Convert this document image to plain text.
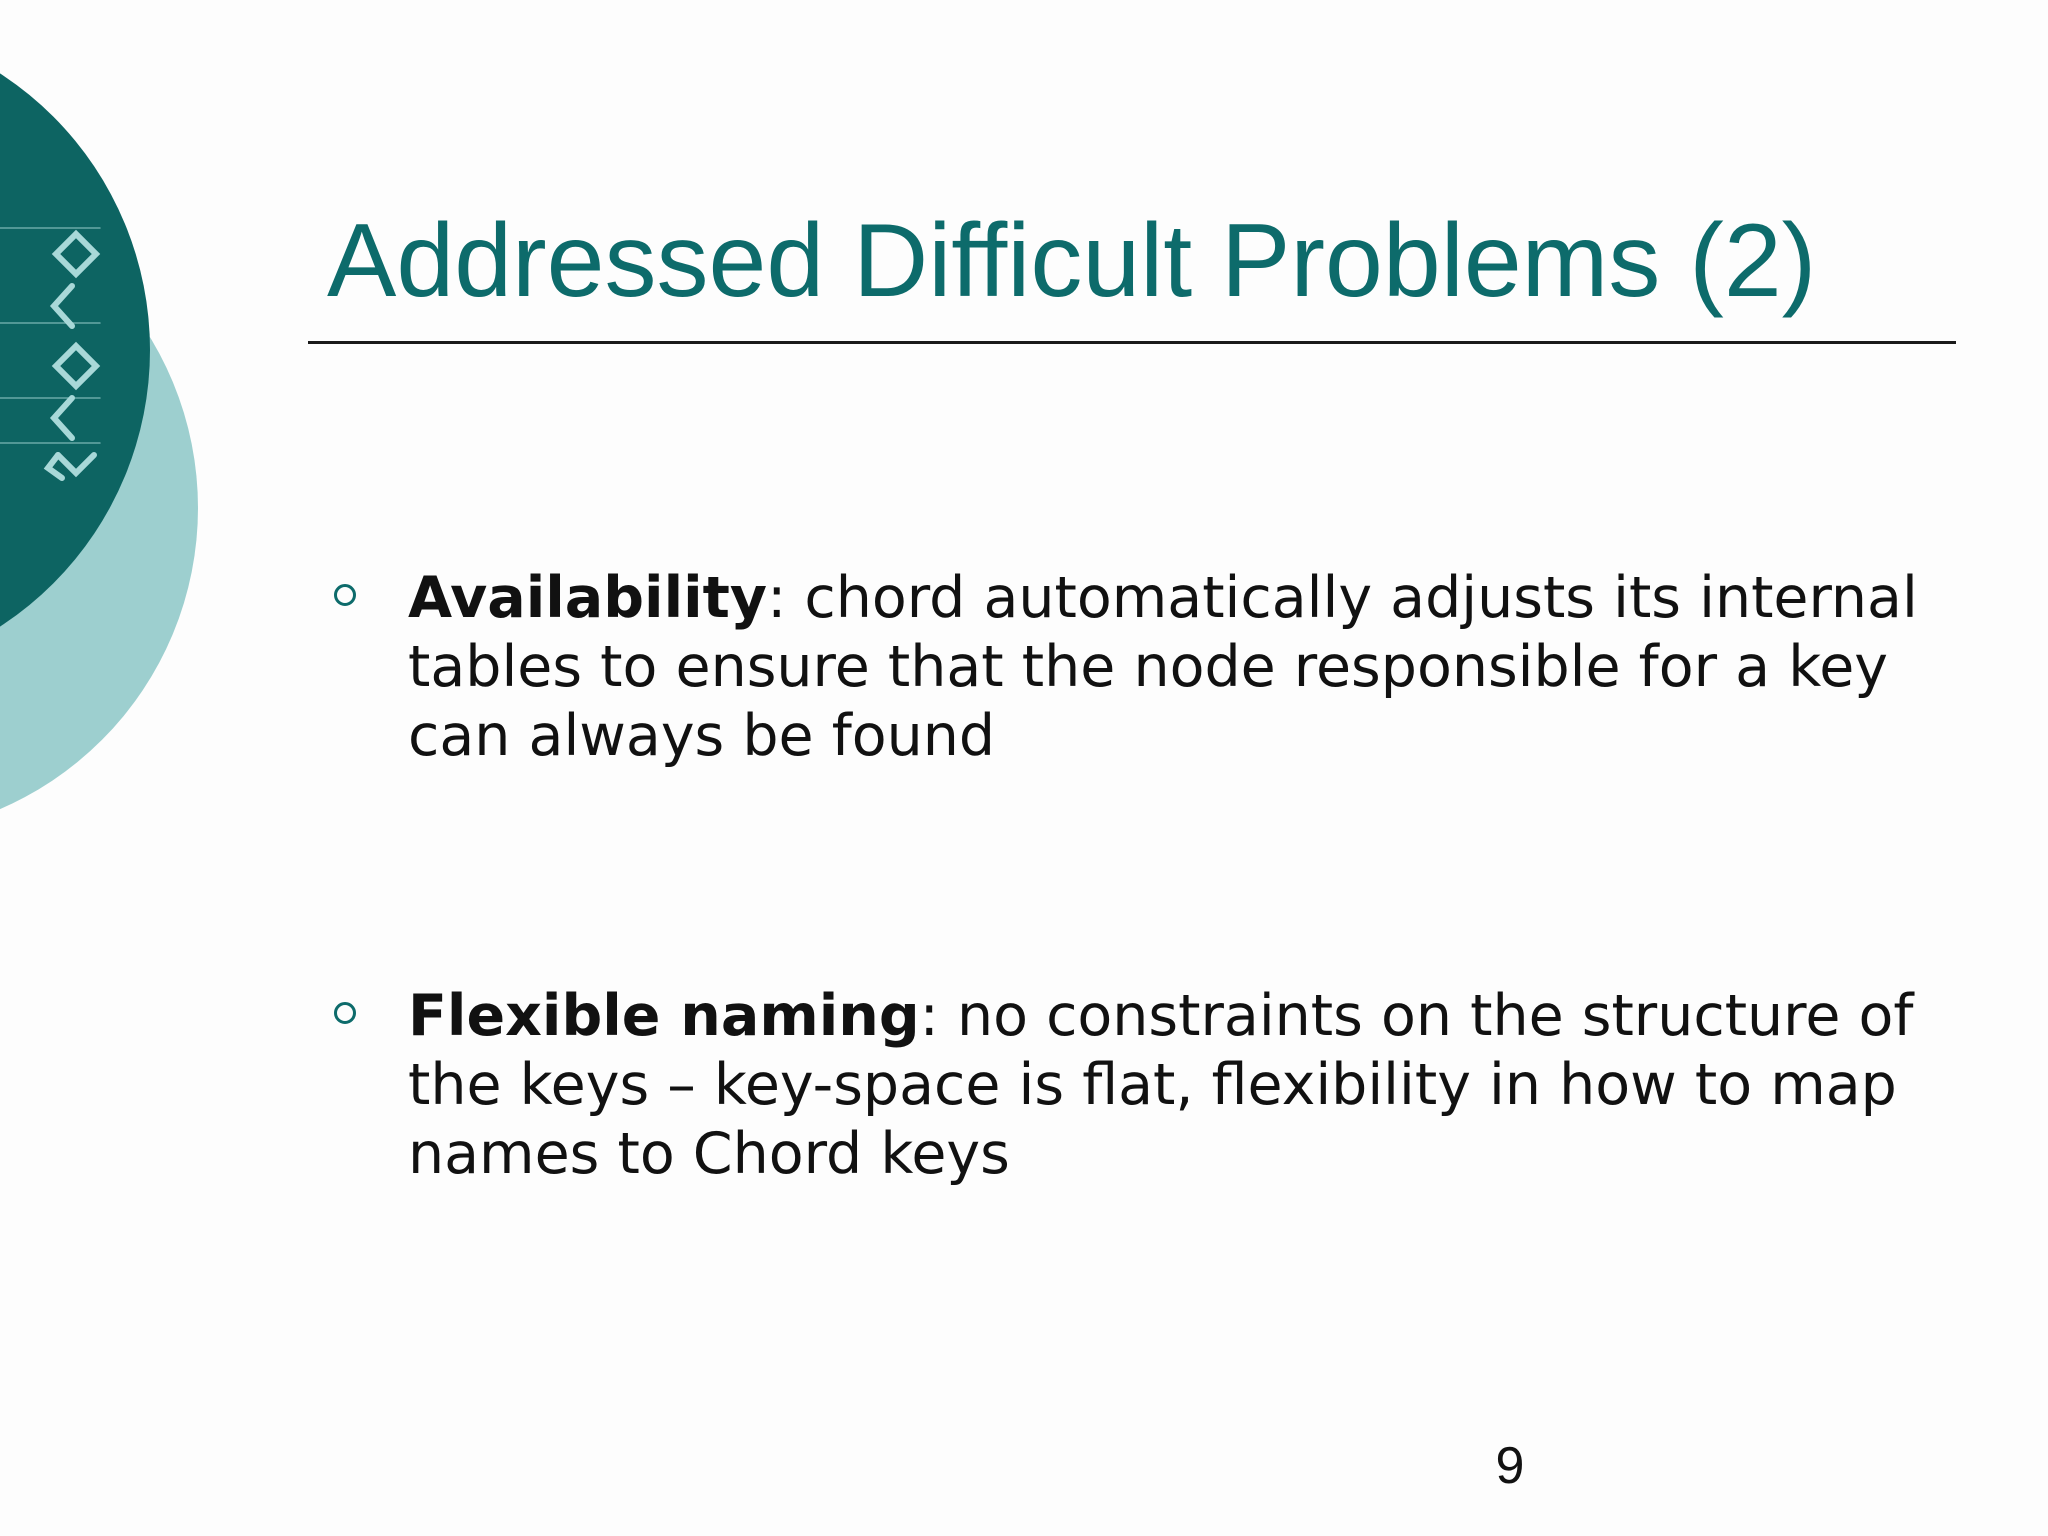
Addressed Difficult Problems (2)
Availability: chord automatically adjusts its internal tables to ensure that the node responsible for a key can always be found
Flexible naming: no constraints on the structure of the keys – key-space is flat, flexibility in how to map names to Chord keys
9
